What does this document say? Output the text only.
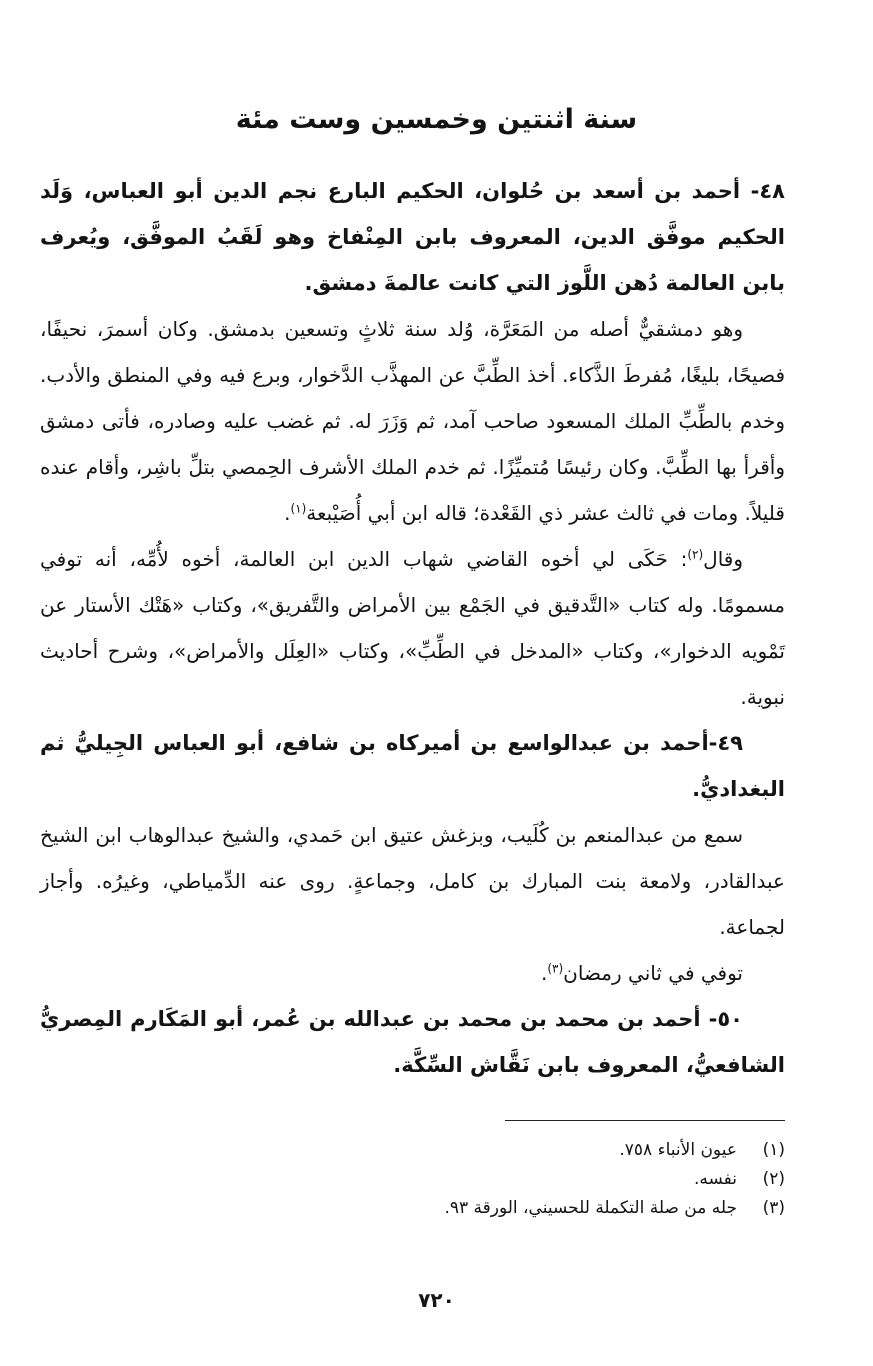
سنة اثنتين وخمسين وست مئة

٤٨- أحمد بن أسعد بن حُلوان، الحكيم البارع نجم الدين أبو العباس، وَلَد الحكيم موفَّق الدين، المعروف بابن المِنْفاخ وهو لَقَبُ الموفَّق، ويُعرف بابن العالمة دُهن اللَّوز التي كانت عالمةَ دمشق.

وهو دمشقيٌّ أصله من المَعَرَّة، وُلد سنة ثلاثٍ وتسعين بدمشق. وكان أسمرَ، نحيفًا، فصيحًا، بليغًا، مُفرطَ الذَّكاء. أخذ الطِّبَّ عن المهذَّب الدَّخوار، وبرع فيه وفي المنطق والأدب. وخدم بالطِّبِّ الملك المسعود صاحب آمد، ثم وَزَرَ له. ثم غضب عليه وصادره، فأتى دمشق وأقرأ بها الطِّبَّ. وكان رئيسًا مُتميِّزًا. ثم خدم الملك الأشرف الحِمصي بتلِّ باشِر، وأقام عنده قليلاً. ومات في ثالث عشر ذي القَعْدة؛ قاله ابن أبي أُصَيْبعة$^{(١)}$.

وقال$^{(٢)}$: حَكَى لي أخوه القاضي شهاب الدين ابن العالمة، أخوه لأُمِّه، أنه توفي مسمومًا. وله كتاب «التَّدقيق في الجَمْع بين الأمراض والتَّفريق»، وكتاب «هَتْك الأستار عن تَمْويه الدخوار»، وكتاب «المدخل في الطِّبِّ»، وكتاب «العِلَل والأمراض»، وشرح أحاديث نبوية.

٤٩-أحمد بن عبدالواسع بن أميركاه بن شافع، أبو العباس الجِيليُّ ثم البغداديُّ.

سمع من عبدالمنعم بن كُلَيب، وبزغش عتيق ابن حَمدي، والشيخ عبدالوهاب ابن الشيخ عبدالقادر، ولامعة بنت المبارك بن كامل، وجماعةٍ. روى عنه الدِّمياطي، وغيرُه. وأجاز لجماعة.

توفي في ثاني رمضان$^{(٣)}$.

٥٠- أحمد بن محمد بن محمد بن عبدالله بن عُمر، أبو المَكَارم المِصريُّ الشافعيُّ، المعروف بابن نَقَّاش السِّكَّة.

(١)
عيون الأنباء ٧٥٨.
(٢)
نفسه.
(٣)
جله من صلة التكملة للحسيني، الورقة ٩٣.
٧٢٠
